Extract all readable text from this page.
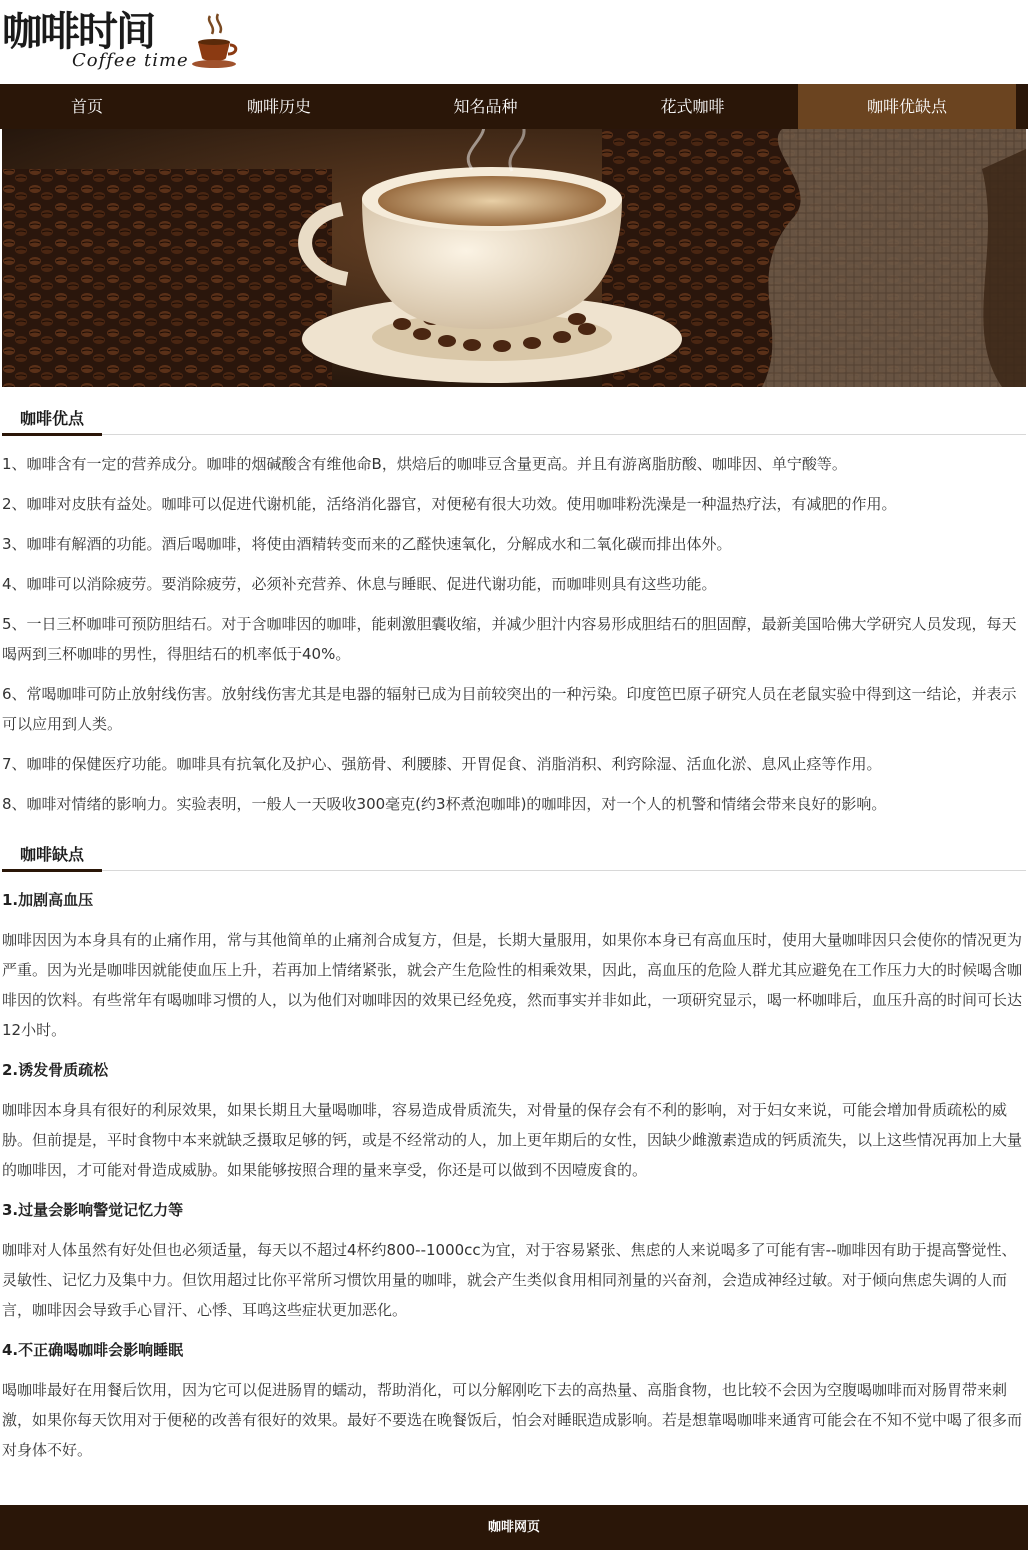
咖啡时间
Coffee time
首页	咖啡历史	知名品种	花式咖啡	咖啡优缺点
咖啡优点

1、咖啡含有一定的营养成分。咖啡的烟碱酸含有维他命B，烘焙后的咖啡豆含量更高。并且有游离脂肪酸、咖啡因、单宁酸等。

2、咖啡对皮肤有益处。咖啡可以促进代谢机能，活络消化器官，对便秘有很大功效。使用咖啡粉洗澡是一种温热疗法，有减肥的作用。

3、咖啡有解酒的功能。酒后喝咖啡，将使由酒精转变而来的乙醛快速氧化，分解成水和二氧化碳而排出体外。

4、咖啡可以消除疲劳。要消除疲劳，必须补充营养、休息与睡眠、促进代谢功能，而咖啡则具有这些功能。

5、一日三杯咖啡可预防胆结石。对于含咖啡因的咖啡，能刺激胆囊收缩，并减少胆汁内容易形成胆结石的胆固醇，最新美国哈佛大学研究人员发现，每天喝两到三杯咖啡的男性，得胆结石的机率低于40%。

6、常喝咖啡可防止放射线伤害。放射线伤害尤其是电器的辐射已成为目前较突出的一种污染。印度笆巴原子研究人员在老鼠实验中得到这一结论，并表示可以应用到人类。

7、咖啡的保健医疗功能。咖啡具有抗氧化及护心、强筋骨、利腰膝、开胃促食、消脂消积、利窍除湿、活血化淤、息风止痉等作用。

8、咖啡对情绪的影响力。实验表明，一般人一天吸收300毫克(约3杯煮泡咖啡)的咖啡因，对一个人的机警和情绪会带来良好的影响。

咖啡缺点
1.加剧高血压

咖啡因因为本身具有的止痛作用，常与其他简单的止痛剂合成复方，但是，长期大量服用，如果你本身已有高血压时，使用大量咖啡因只会使你的情况更为严重。因为光是咖啡因就能使血压上升，若再加上情绪紧张，就会产生危险性的相乘效果，因此，高血压的危险人群尤其应避免在工作压力大的时候喝含咖啡因的饮料。有些常年有喝咖啡习惯的人，以为他们对咖啡因的效果已经免疫，然而事实并非如此，一项研究显示，喝一杯咖啡后，血压升高的时间可长达12小时。

2.诱发骨质疏松

咖啡因本身具有很好的利尿效果，如果长期且大量喝咖啡，容易造成骨质流失，对骨量的保存会有不利的影响，对于妇女来说，可能会增加骨质疏松的威胁。但前提是，平时食物中本来就缺乏摄取足够的钙，或是不经常动的人，加上更年期后的女性，因缺少雌激素造成的钙质流失，以上这些情况再加上大量的咖啡因，才可能对骨造成威胁。如果能够按照合理的量来享受，你还是可以做到不因噎废食的。

3.过量会影响警觉记忆力等

咖啡对人体虽然有好处但也必须适量，每天以不超过4杯约800--1000cc为宜，对于容易紧张、焦虑的人来说喝多了可能有害--咖啡因有助于提高警觉性、灵敏性、记忆力及集中力。但饮用超过比你平常所习惯饮用量的咖啡，就会产生类似食用相同剂量的兴奋剂，会造成神经过敏。对于倾向焦虑失调的人而言，咖啡因会导致手心冒汗、心悸、耳鸣这些症状更加恶化。

4.不正确喝咖啡会影响睡眠

喝咖啡最好在用餐后饮用，因为它可以促进肠胃的蠕动，帮助消化，可以分解刚吃下去的高热量、高脂食物，也比较不会因为空腹喝咖啡而对肠胃带来刺激，如果你每天饮用对于便秘的改善有很好的效果。最好不要选在晚餐饭后，怕会对睡眠造成影响。若是想靠喝咖啡来通宵可能会在不知不觉中喝了很多而对身体不好。

咖啡网页
